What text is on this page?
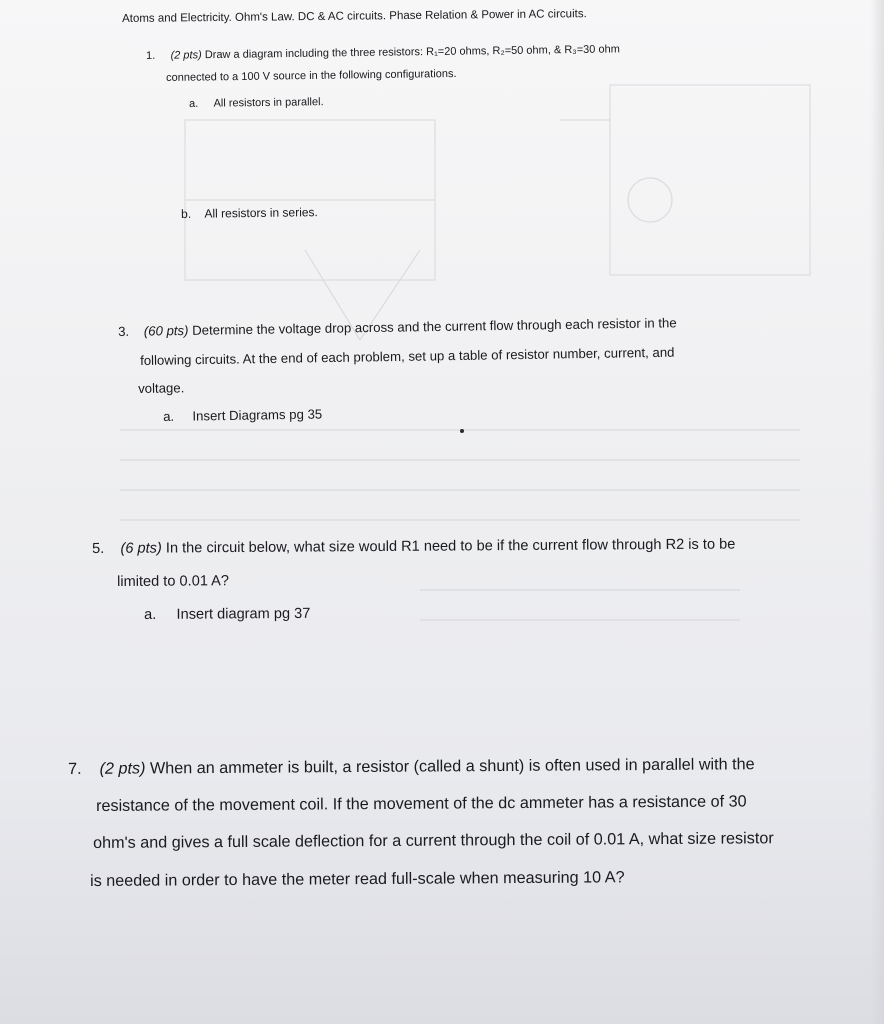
Atoms and Electricity. Ohm's Law. DC & AC circuits. Phase Relation & Power in AC circuits.

1. (2 pts) Draw a diagram including the three resistors: R₁=20 ohms, R₂=50 ohm, & R₃=30 ohm

connected to a 100 V source in the following configurations.

a. All resistors in parallel.

b. All resistors in series.

3. (60 pts) Determine the voltage drop across and the current flow through each resistor in the

following circuits. At the end of each problem, set up a table of resistor number, current, and

voltage.

a. Insert Diagrams pg 35

5. (6 pts) In the circuit below, what size would R1 need to be if the current flow through R2 is to be

limited to 0.01 A?

a. Insert diagram pg 37

7. (2 pts) When an ammeter is built, a resistor (called a shunt) is often used in parallel with the

resistance of the movement coil. If the movement of the dc ammeter has a resistance of 30

ohm's and gives a full scale deflection for a current through the coil of 0.01 A, what size resistor

is needed in order to have the meter read full-scale when measuring 10 A?
